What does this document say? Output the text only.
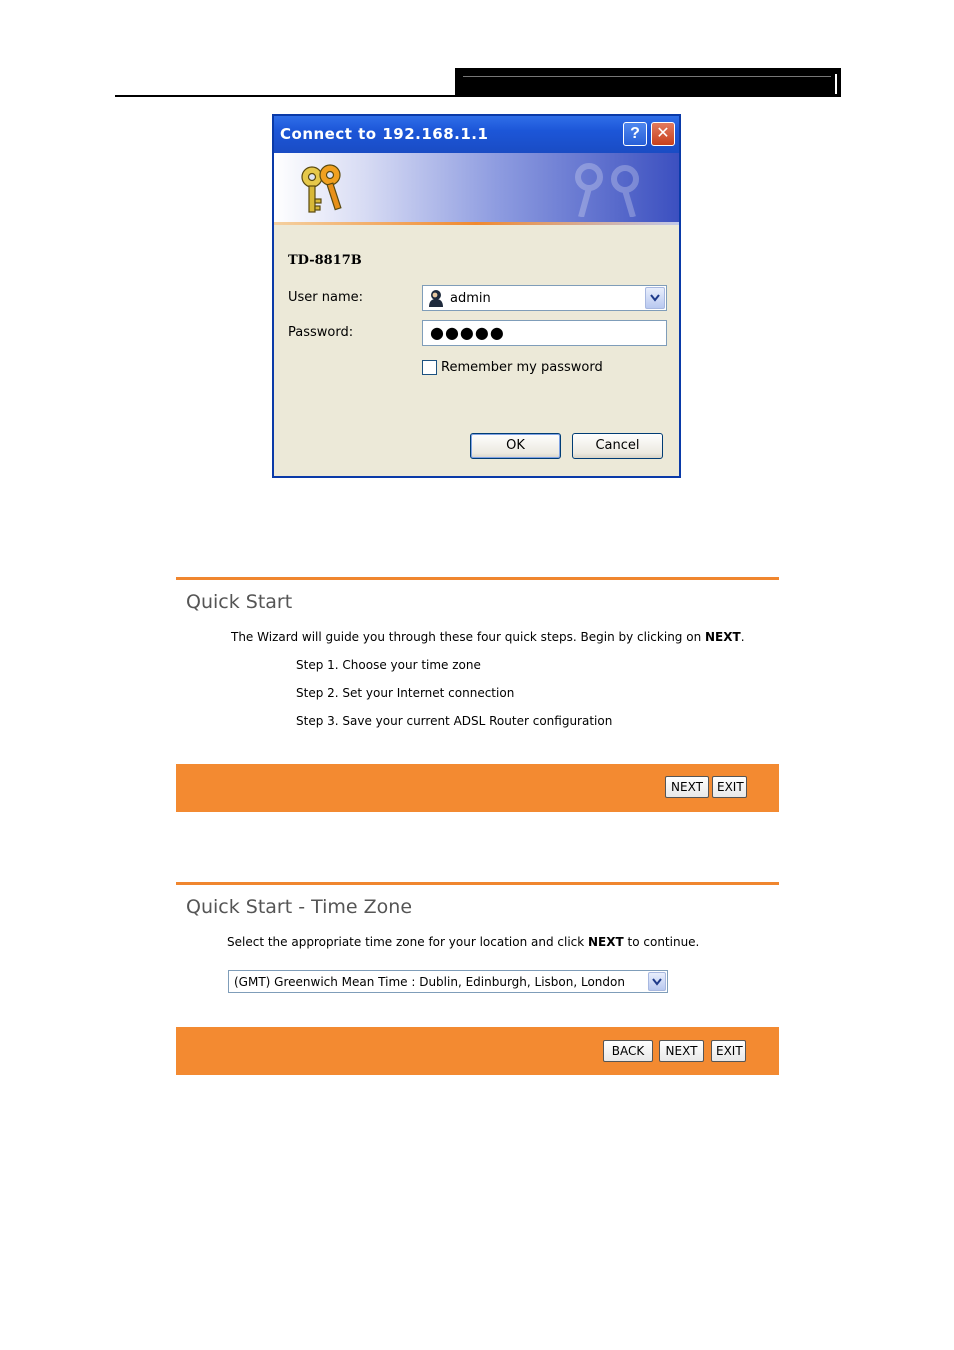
Connect to 192.168.1.1	?	✕
TD-8817B
User name:	admin
Password:	●●●●●
Remember my password
OK	Cancel
Quick Start
The Wizard will guide you through these four quick steps. Begin by clicking on NEXT.
Step 1. Choose your time zone
Step 2. Set your Internet connection
Step 3. Save your current ADSL Router configuration
NEXT	EXIT
Quick Start - Time Zone
Select the appropriate time zone for your location and click NEXT to continue.
(GMT) Greenwich Mean Time : Dublin, Edinburgh, Lisbon, London
BACK	NEXT	EXIT
